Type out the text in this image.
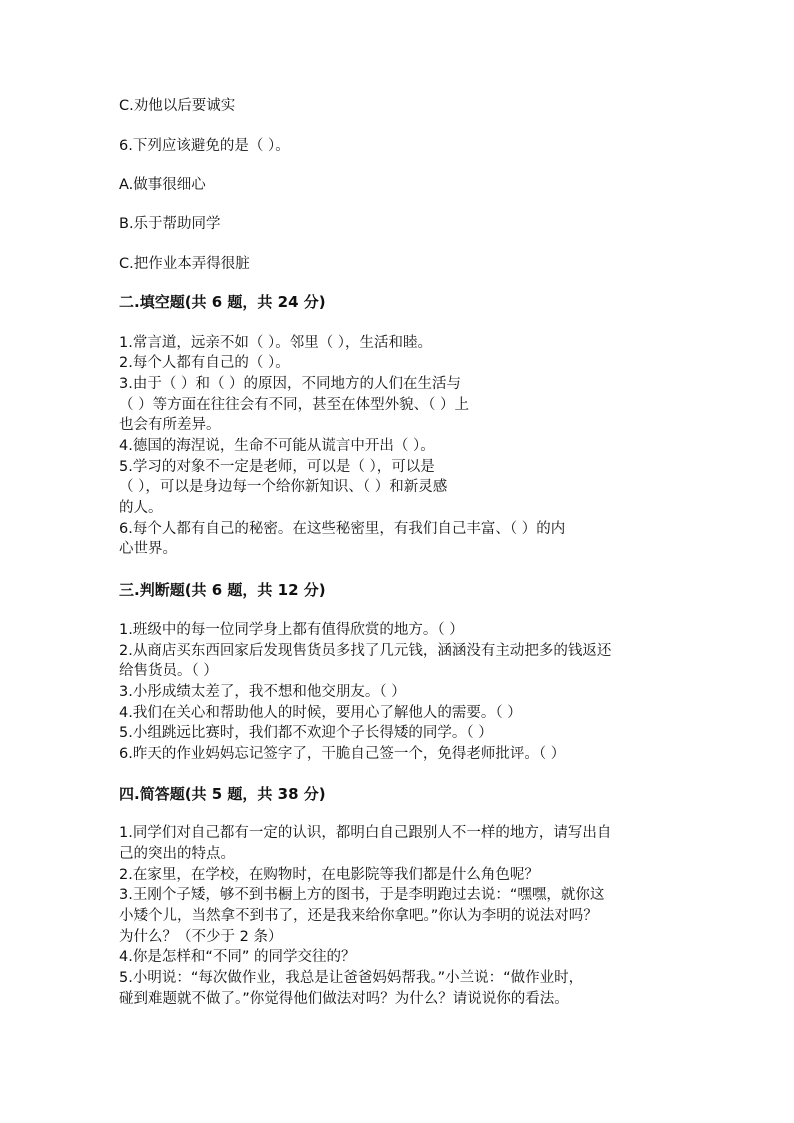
C.劝他以后要诚实
6.下列应该避免的是（ ）。
A.做事很细心
B.乐于帮助同学
C.把作业本弄得很脏
二.填空题(共 6 题，共 24 分)
1.常言道，远亲不如（ ）。邻里（ ），生活和睦。
2.每个人都有自己的（ ）。
3.由于（ ）和（ ）的原因，不同地方的人们在生活与
（ ）等方面在往往会有不同，甚至在体型外貌、（ ）上
也会有所差异。
4.德国的海涅说，生命不可能从谎言中开出（ ）。
5.学习的对象不一定是老师，可以是（ ），可以是
（ ），可以是身边每一个给你新知识、（ ）和新灵感
的人。
6.每个人都有自己的秘密。在这些秘密里，有我们自己丰富、（ ）的内
心世界。
三.判断题(共 6 题，共 12 分)
1.班级中的每一位同学身上都有值得欣赏的地方。（ ）
2.从商店买东西回家后发现售货员多找了几元钱，涵涵没有主动把多的钱返还
给售货员。（ ）
3.小彤成绩太差了，我不想和他交朋友。（ ）
4.我们在关心和帮助他人的时候，要用心了解他人的需要。（ ）
5.小组跳远比赛时，我们都不欢迎个子长得矮的同学。（ ）
6.昨天的作业妈妈忘记签字了，干脆自己签一个，免得老师批评。（ ）
四.简答题(共 5 题，共 38 分)
1.同学们对自己都有一定的认识，都明白自己跟别人不一样的地方，请写出自
己的突出的特点。
2.在家里，在学校，在购物时，在电影院等我们都是什么角色呢？
3.王刚个子矮，够不到书橱上方的图书，于是李明跑过去说：“嘿嘿，就你这
小矮个儿，当然拿不到书了，还是我来给你拿吧。”你认为李明的说法对吗？
为什么？（不少于 2 条）
4.你是怎样和“不同” 的同学交往的？
5.小明说：“每次做作业，我总是让爸爸妈妈帮我。”小兰说：“做作业时，
碰到难题就不做了。”你觉得他们做法对吗？为什么？请说说你的看法。
